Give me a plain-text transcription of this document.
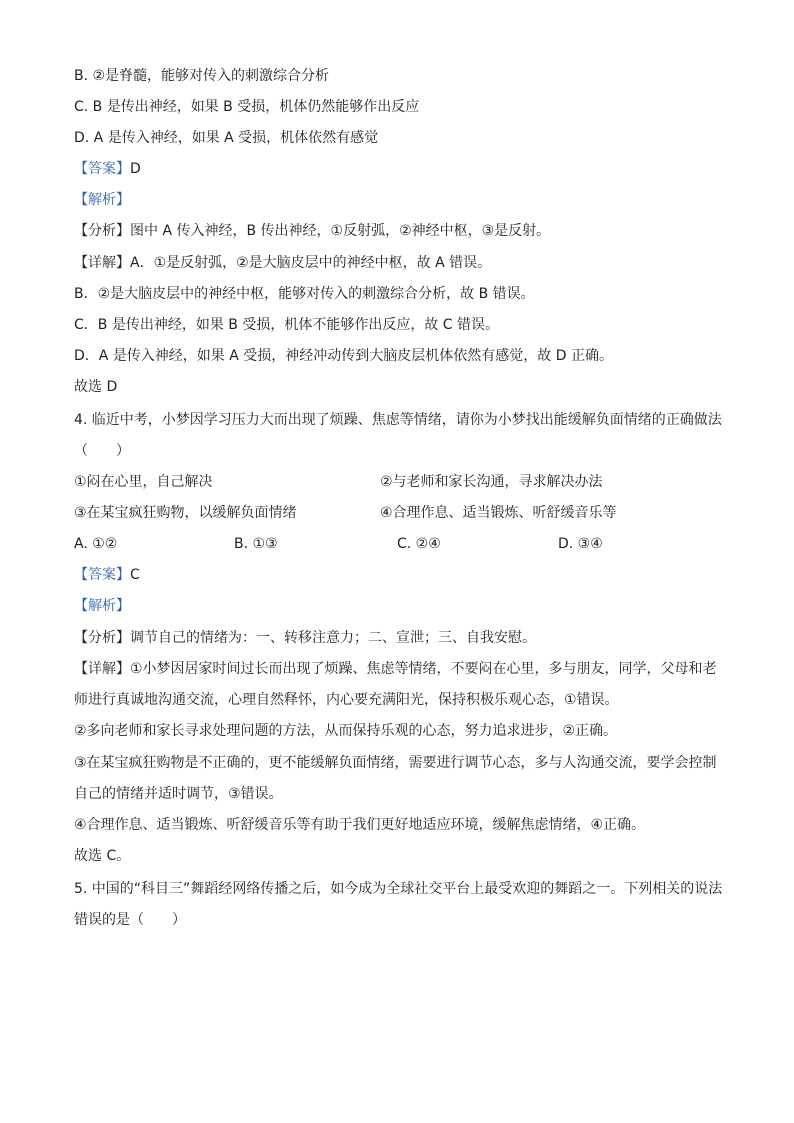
B. ②是脊髓，能够对传入的刺激综合分析
C. B 是传出神经，如果 B 受损，机体仍然能够作出反应
D. A 是传入神经，如果 A 受损，机体依然有感觉
【答案】D
【解析】
【分析】图中 A 传入神经，B 传出神经，①反射弧，②神经中枢，③是反射。
【详解】A．①是反射弧，②是大脑皮层中的神经中枢，故 A 错误。
B．②是大脑皮层中的神经中枢，能够对传入的刺激综合分析，故 B 错误。
C．B 是传出神经，如果 B 受损，机体不能够作出反应，故 C 错误。
D．A 是传入神经，如果 A 受损，神经冲动传到大脑皮层机体依然有感觉，故 D 正确。
故选 D
4. 临近中考，小梦因学习压力大而出现了烦躁、焦虑等情绪，请你为小梦找出能缓解负面情绪的正确做法
（　　）
①闷在心里，自己解决	②与老师和家长沟通，寻求解决办法
③在某宝疯狂购物，以缓解负面情绪	④合理作息、适当锻炼、听舒缓音乐等
A. ①②	B. ①③	C. ②④	D. ③④
【答案】C
【解析】
【分析】调节自己的情绪为：一、转移注意力；二、宣泄；三、自我安慰。
【详解】①小梦因居家时间过长而出现了烦躁、焦虑等情绪，不要闷在心里，多与朋友，同学，父母和老
师进行真诚地沟通交流，心理自然释怀，内心要充满阳光，保持积极乐观心态，①错误。
②多向老师和家长寻求处理问题的方法，从而保持乐观的心态，努力追求进步，②正确。
③在某宝疯狂购物是不正确的，更不能缓解负面情绪，需要进行调节心态，多与人沟通交流，要学会控制
自己的情绪并适时调节，③错误。
④合理作息、适当锻炼、听舒缓音乐等有助于我们更好地适应环境，缓解焦虑情绪，④正确。
故选 C。
5. 中国的“科目三”舞蹈经网络传播之后，如今成为全球社交平台上最受欢迎的舞蹈之一。下列相关的说法
错误的是（　　）
